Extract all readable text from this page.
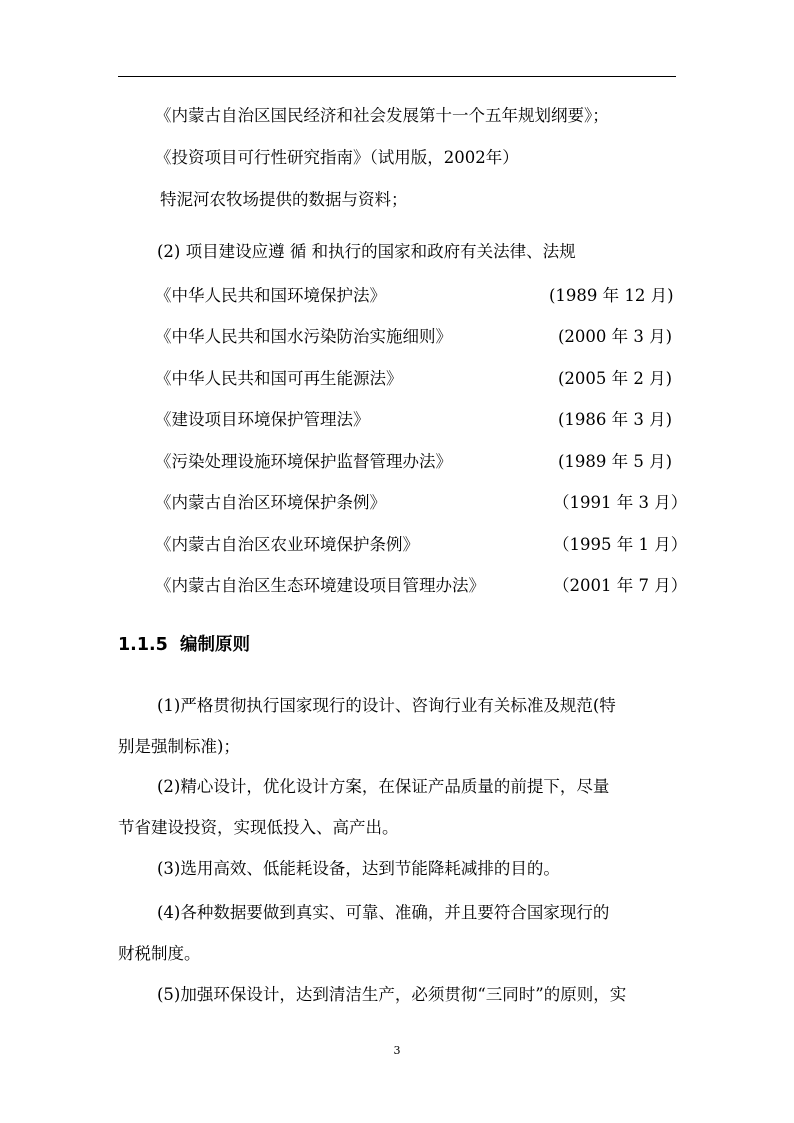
《内蒙古自治区国民经济和社会发展第十一个五年规划纲要》；
《投资项目可行性研究指南》（试用版，2002年）
特泥河农牧场提供的数据与资料；
(2) 项目建设应遵 循 和执行的国家和政府有关法律、法规
《中华人民共和国环境保护法》	(1989 年 12 月)
《中华人民共和国水污染防治实施细则》	(2000 年 3 月)
《中华人民共和国可再生能源法》	(2005 年 2 月)
《建设项目环境保护管理法》	(1986 年 3 月)
《污染处理设施环境保护监督管理办法》	(1989 年 5 月)
《内蒙古自治区环境保护条例》	（1991 年 3 月）
《内蒙古自治区农业环境保护条例》	（1995 年 1 月）
《内蒙古自治区生态环境建设项目管理办法》	（2001 年 7 月）
1.1.5 编制原则
(1)严格贯彻执行国家现行的设计、咨询行业有关标准及规范(特
别是强制标准)；
(2)精心设计，优化设计方案，在保证产品质量的前提下，尽量
节省建设投资，实现低投入、高产出。
(3)选用高效、低能耗设备，达到节能降耗减排的目的。
(4)各种数据要做到真实、可靠、准确，并且要符合国家现行的
财税制度。
(5)加强环保设计，达到清洁生产，必须贯彻“三同时”的原则，实
3
